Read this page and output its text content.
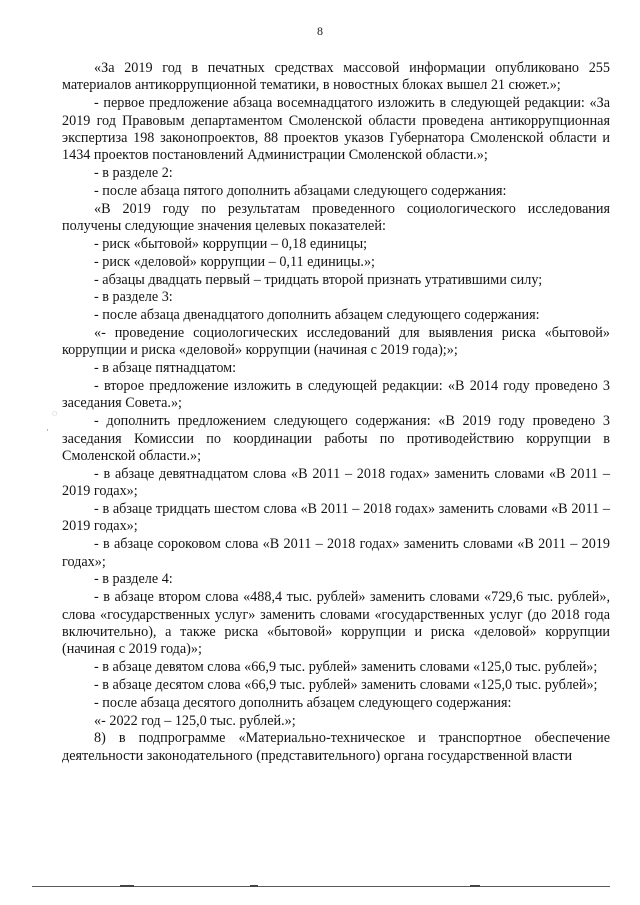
8
◌
·

«За 2019 год в печатных средствах массовой информации опубликовано 255 материалов антикоррупционной тематики, в новостных блоках вышел 21 сюжет.»;

- первое предложение абзаца восемнадцатого изложить в следующей редакции: «За 2019 год Правовым департаментом Смоленской области проведена антикоррупционная экспертиза 198 законопроектов, 88 проектов указов Губернатора Смоленской области и 1434 проектов постановлений Администрации Смоленской области.»;

- в разделе 2:

- после абзаца пятого дополнить абзацами следующего содержания:

«В 2019 году по результатам проведенного социологического исследования получены следующие значения целевых показателей:

- риск «бытовой» коррупции – 0,18 единицы;

- риск «деловой» коррупции – 0,11 единицы.»;

- абзацы двадцать первый – тридцать второй признать утратившими силу;

- в разделе 3:

- после абзаца двенадцатого дополнить абзацем следующего содержания:

«- проведение социологических исследований для выявления риска «бытовой» коррупции и риска «деловой» коррупции (начиная с 2019 года);»;

- в абзаце пятнадцатом:

- второе предложение изложить в следующей редакции: «В 2014 году проведено 3 заседания Совета.»;

- дополнить предложением следующего содержания: «В 2019 году проведено 3 заседания Комиссии по координации работы по противодействию коррупции в Смоленской области.»;

- в абзаце девятнадцатом слова «В 2011 – 2018 годах» заменить словами «В 2011 – 2019 годах»;

- в абзаце тридцать шестом слова «В 2011 – 2018 годах» заменить словами «В 2011 – 2019 годах»;

- в абзаце сороковом слова «В 2011 – 2018 годах» заменить словами «В 2011 – 2019 годах»;

- в разделе 4:

- в абзаце втором слова «488,4 тыс. рублей» заменить словами «729,6 тыс. рублей», слова «государственных услуг» заменить словами «государственных услуг (до 2018 года включительно), а также риска «бытовой» коррупции и риска «деловой» коррупции (начиная с 2019 года)»;

- в абзаце девятом слова «66,9 тыс. рублей» заменить словами «125,0 тыс. рублей»;

- в абзаце десятом слова «66,9 тыс. рублей» заменить словами «125,0 тыс. рублей»;

- после абзаца десятого дополнить абзацем следующего содержания:

«- 2022 год – 125,0 тыс. рублей.»;

8) в подпрограмме «Материально-техническое и транспортное обеспечение деятельности законодательного (представительного) органа государственной власти
